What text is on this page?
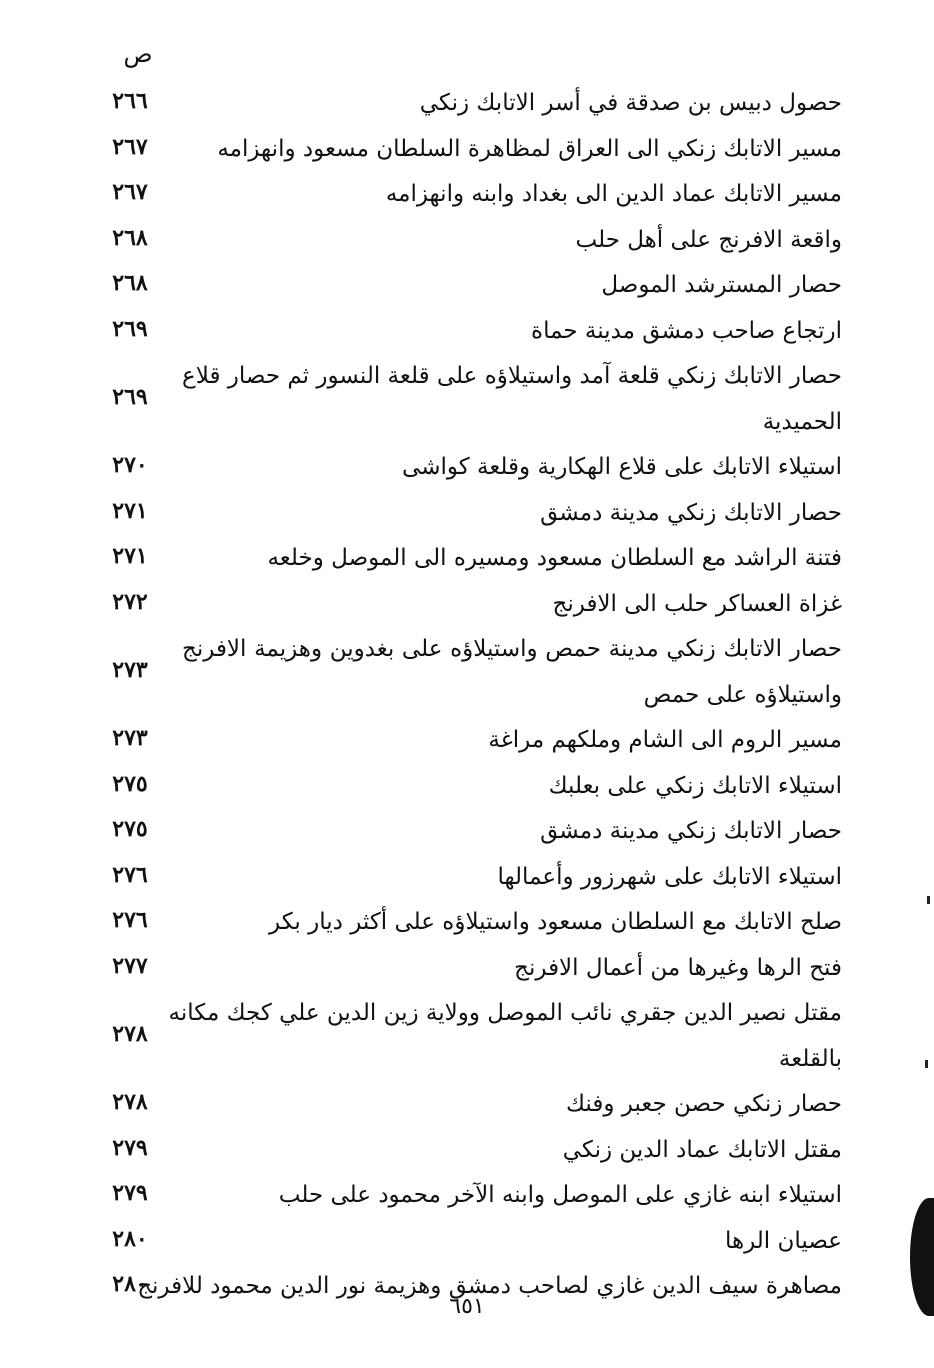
ص
حصول دبيس بن صدقة في أسر الاتابك زنكي
٢٦٦
مسير الاتابك زنكي الى العراق لمظاهرة السلطان مسعود وانهزامه
٢٦٧
مسير الاتابك عماد الدين الى بغداد وابنه وانهزامه
٢٦٧
واقعة الافرنج على أهل حلب
٢٦٨
حصار المسترشد الموصل
٢٦٨
ارتجاع صاحب دمشق مدينة حماة
٢٦٩
حصار الاتابك زنكي قلعة آمد واستيلاؤه على قلعة النسور ثم حصار قلاع
الحميدية
٢٦٩
استيلاء الاتابك على قلاع الهكارية وقلعة كواشى
٢٧٠
حصار الاتابك زنكي مدينة دمشق
٢٧١
فتنة الراشد مع السلطان مسعود ومسيره الى الموصل وخلعه
٢٧١
غزاة العساكر حلب الى الافرنج
٢٧٢
حصار الاتابك زنكي مدينة حمص واستيلاؤه على بغدوين وهزيمة الافرنج
واستيلاؤه على حمص
٢٧٣
مسير الروم الى الشام وملكهم مراغة
٢٧٣
استيلاء الاتابك زنكي على بعلبك
٢٧٥
حصار الاتابك زنكي مدينة دمشق
٢٧٥
استيلاء الاتابك على شهرزور وأعمالها
٢٧٦
صلح الاتابك مع السلطان مسعود واستيلاؤه على أكثر ديار بكر
٢٧٦
فتح الرها وغيرها من أعمال الافرنج
٢٧٧
مقتل نصير الدين جقري نائب الموصل وولاية زين الدين علي كجك مكانه
بالقلعة
٢٧٨
حصار زنكي حصن جعبر وفنك
٢٧٨
مقتل الاتابك عماد الدين زنكي
٢٧٩
استيلاء ابنه غازي على الموصل وابنه الآخر محمود على حلب
٢٧٩
عصيان الرها
٢٨٠
مصاهرة سيف الدين غازي لصاحب دمشق وهزيمة نور الدين محمود للافرنج
٢٨٠
٦٥١
